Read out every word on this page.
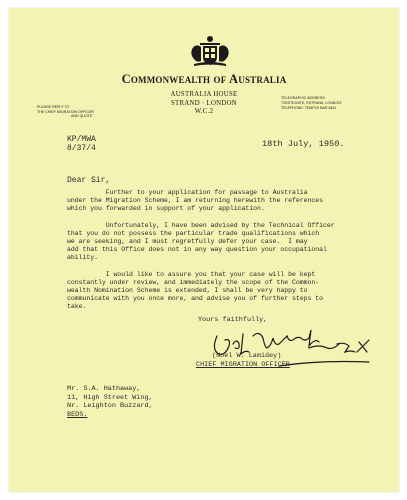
Commonwealth of Australia
AUSTRALIA HOUSE
STRAND · LONDON
W.C.2
PLEASE REPLY TO
THE CHIEF MIGRATION OFFICER
AND QUOTE
TELEGRAPHIC ADDRESS:
"ORSTIONITE, ESTRAND, LONDON"
TELEPHONE: TEMPLE BAR 6611
KP/MWA
8/37/4	18th July, 1950.
Dear Sir,

Further to your application for passage to Australia
under the Migration Scheme, I am returning herewith the references
which you forwarded in support of your application.

Unfortunately, I have been advised by the Technical Officer
that you do not possess the particular trade qualifications which
we are seeking, and I must regretfully defer your case.  I may
add that this Office does not in any way question your occupational
ability.

I would like to assure you that your case will be kept
constantly under review, and immediately the scope of the Common-
wealth Nomination Scheme is extended, I shall be very happy to
communicate with you once more, and advise you of further steps to
take.

Yours faithfully,
(Noel W. Lamidey)
CHIEF MIGRATION OFFICER
Mr. S.A. Hathaway,
11, High Street Wing,
Nr. Leighton Buzzard,
BEDS.
